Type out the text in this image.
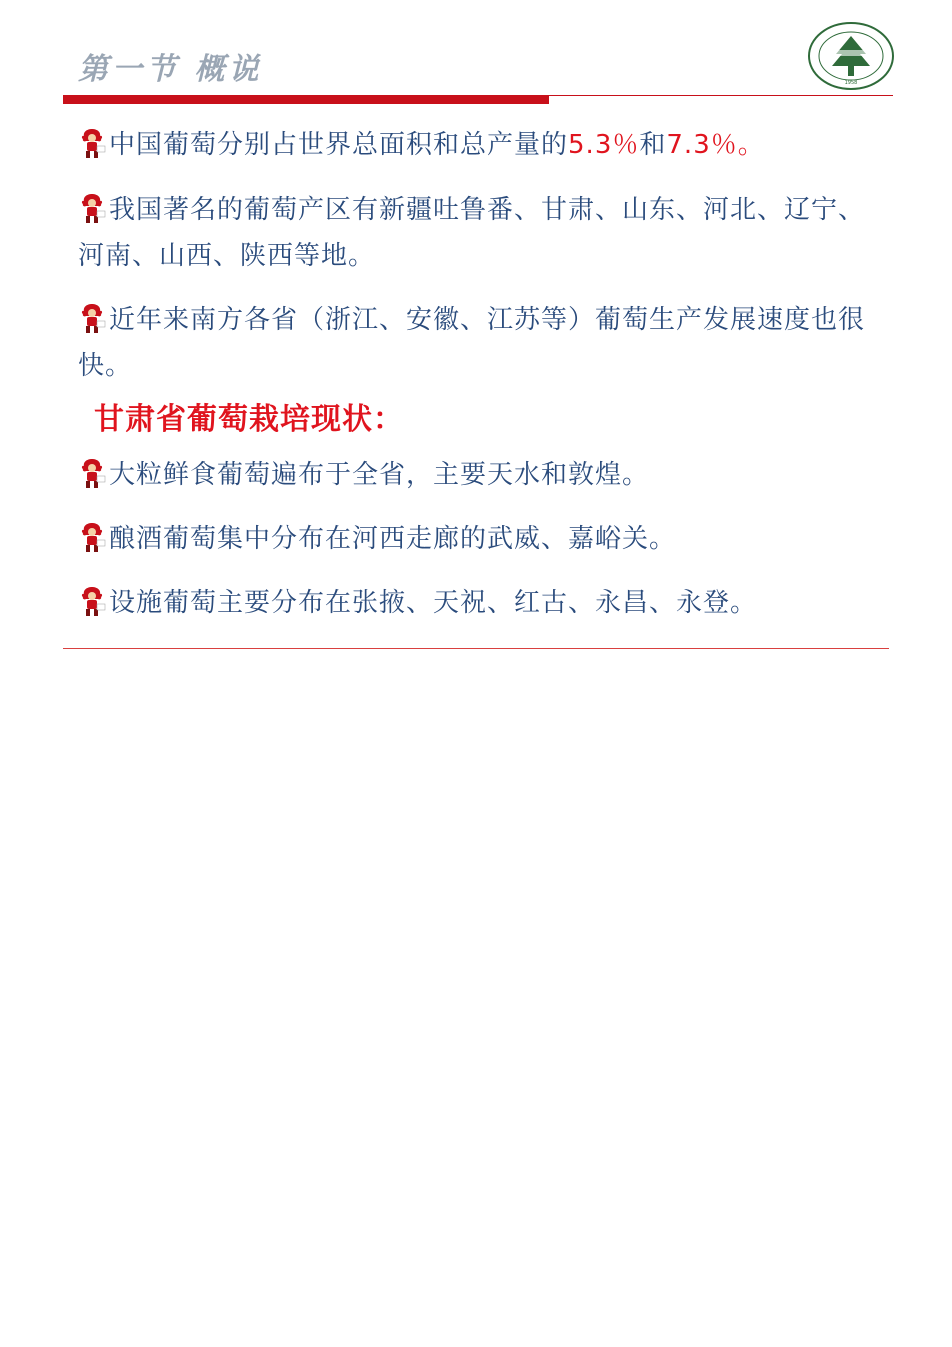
第一节 概说	1958

中国葡萄分别占世界总面积和总产量的5.3％和7.3％。

我国著名的葡萄产区有新疆吐鲁番、甘肃、山东、河北、辽宁、河南、山西、陕西等地。

近年来南方各省（浙江、安徽、江苏等）葡萄生产发展速度也很快。

甘肃省葡萄栽培现状：

大粒鲜食葡萄遍布于全省，主要天水和敦煌。

酿酒葡萄集中分布在河西走廊的武威、嘉峪关。

设施葡萄主要分布在张掖、天祝、红古、永昌、永登。
